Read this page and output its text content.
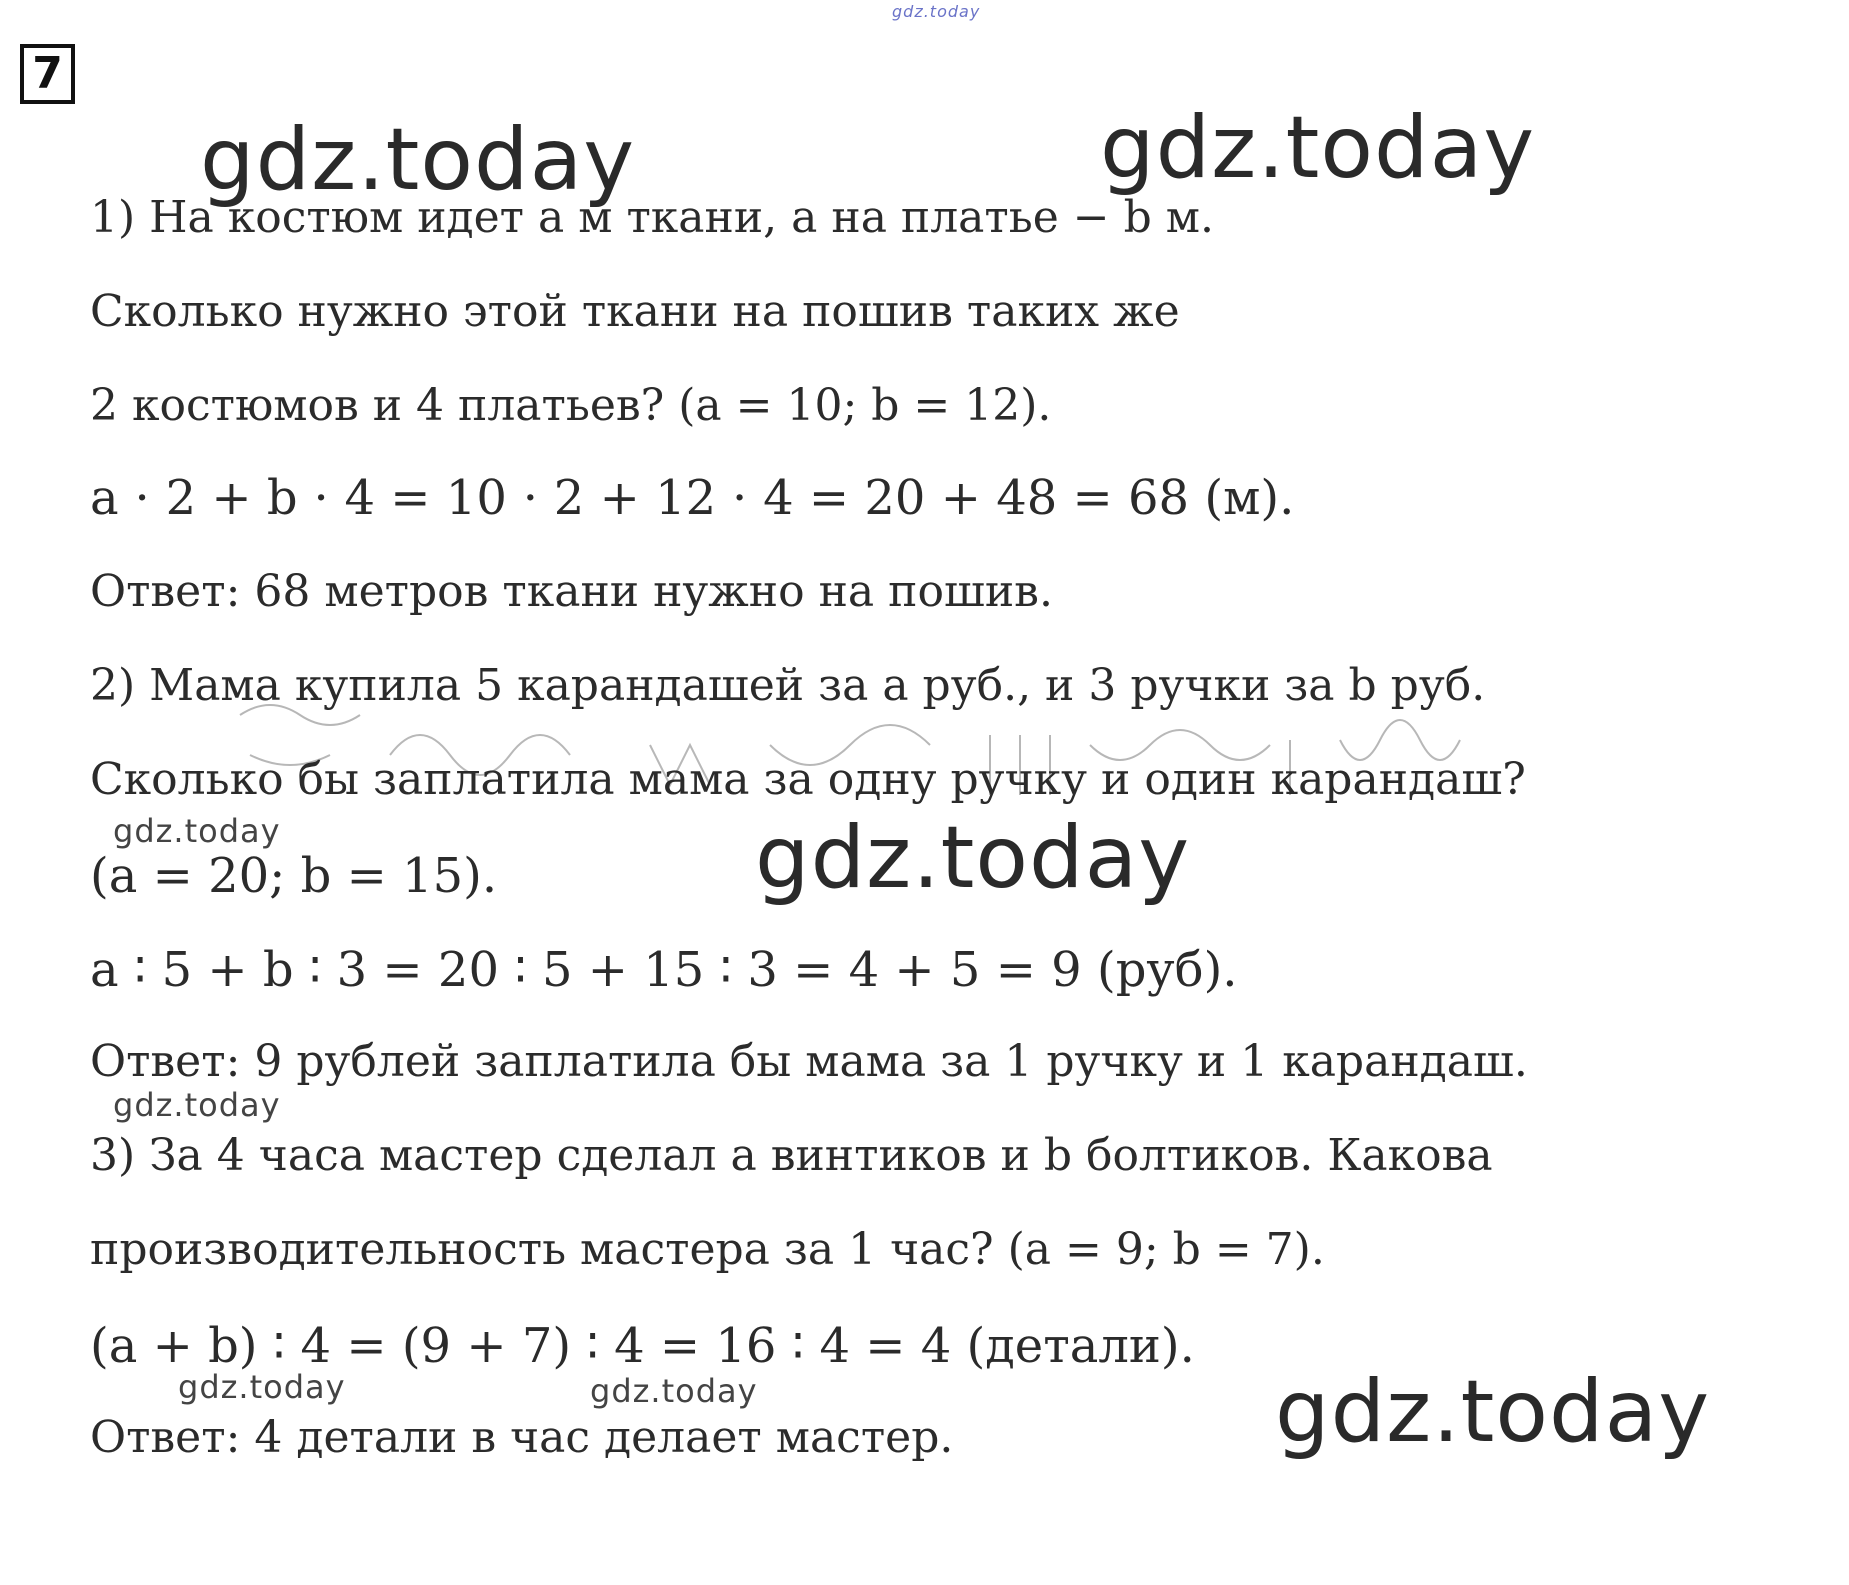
7
gdz.today
gdz.today	gdz.today
gdz.today
gdz.today
gdz.today
gdz.today
gdz.today	gdz.today
1) На костюм идет a м ткани, а на платье − b м.
Сколько нужно этой ткани на пошив таких же
2 костюмов и 4 платьев? (a = 10; b = 12).
a ⋅ 2 + b ⋅ 4 = 10 ⋅ 2 + 12 ⋅ 4 = 20 + 48 = 68 (м).
Ответ: 68 метров ткани нужно на пошив.
2) Мама купила 5 карандашей за a руб., и 3 ручки за b руб.
Сколько бы заплатила мама за одну ручку и один карандаш?
(a = 20; b = 15).
a ∶ 5 + b ∶ 3 = 20 ∶ 5 + 15 ∶ 3 = 4 + 5 = 9 (руб).
Ответ: 9 рублей заплатила бы мама за 1 ручку и 1 карандаш.
3) За 4 часа мастер сделал a винтиков и b болтиков. Какова
производительность мастера за 1 час? (a = 9; b = 7).
(a + b) ∶ 4 = (9 + 7) ∶ 4 = 16 ∶ 4 = 4 (детали).
Ответ: 4 детали в час делает мастер.
